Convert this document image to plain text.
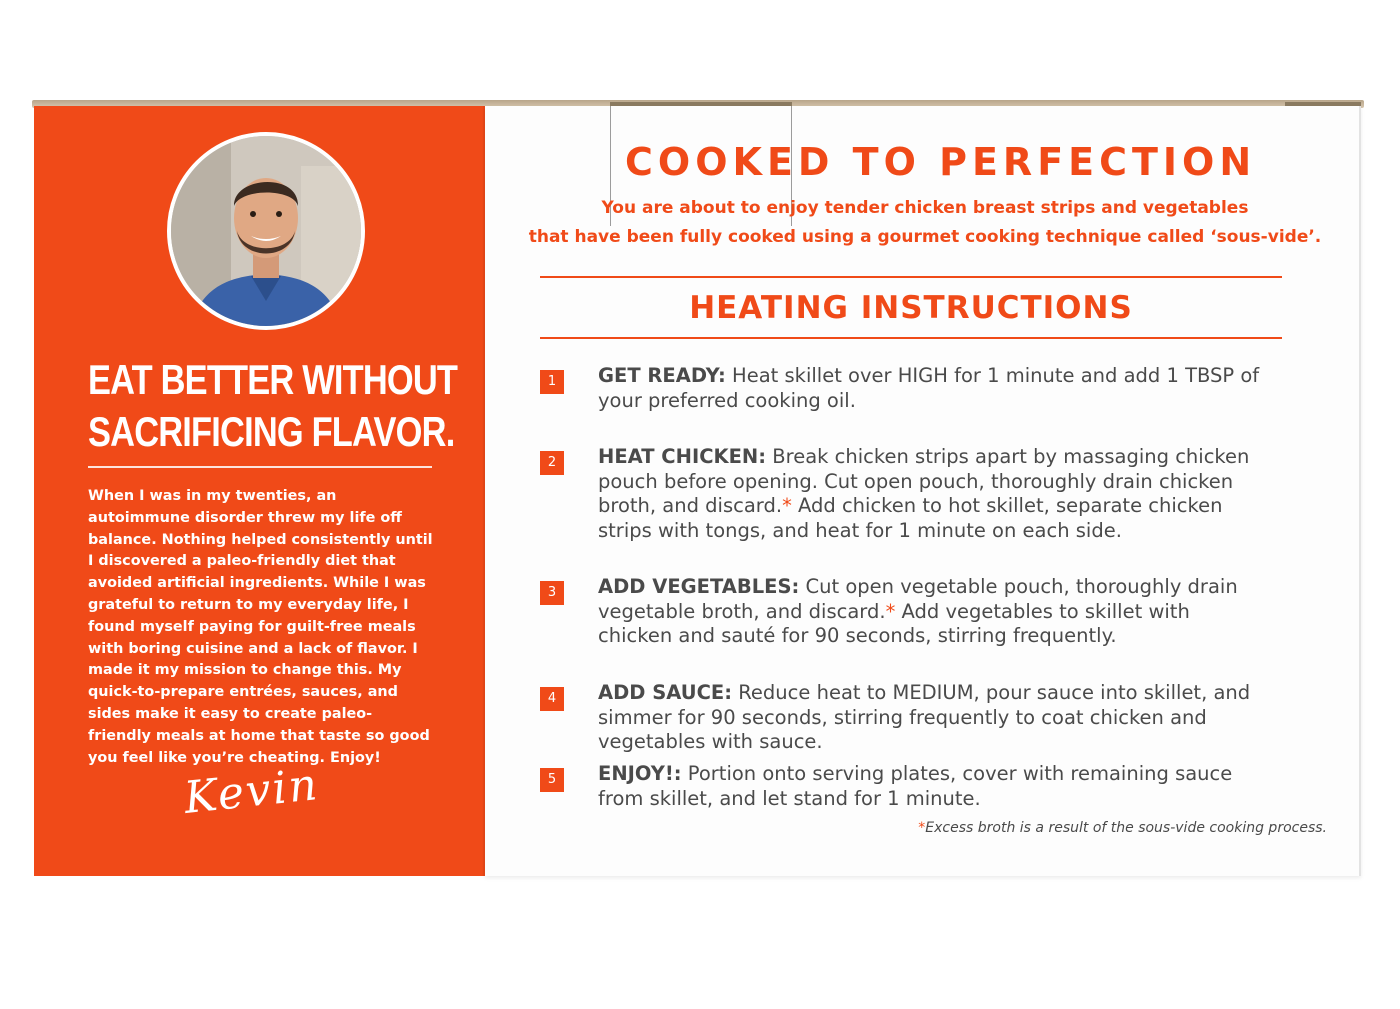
EAT BETTER WITHOUT
SACRIFICING FLAVOR.
When I was in my twenties, an autoimmune disorder threw my life off balance. Nothing helped consistently until I discovered a paleo-friendly diet that avoided artificial ingredients. While I was grateful to return to my everyday life, I found myself paying for guilt-free meals with boring cuisine and a lack of flavor. I made it my mission to change this. My quick-to-prepare entrées, sauces, and sides make it easy to create paleo-friendly meals at home that taste so good you feel like you’re cheating. Enjoy!
Kevin
COOKED TO PERFECTION
You are about to enjoy tender chicken breast strips and vegetables
that have been fully cooked using a gourmet cooking technique called ‘sous-vide’.
HEATING INSTRUCTIONS
1	GET READY: Heat skillet over HIGH for 1 minute and add 1 TBSP of your preferred cooking oil.
2	HEAT CHICKEN: Break chicken strips apart by massaging chicken pouch before opening. Cut open pouch, thoroughly drain chicken broth, and discard.* Add chicken to hot skillet, separate chicken strips with tongs, and heat for 1 minute on each side.
3	ADD VEGETABLES: Cut open vegetable pouch, thoroughly drain vegetable broth, and discard.* Add vegetables to skillet with chicken and sauté for 90 seconds, stirring frequently.
4	ADD SAUCE: Reduce heat to MEDIUM, pour sauce into skillet, and simmer for 90 seconds, stirring frequently to coat chicken and vegetables with sauce.
5	ENJOY!: Portion onto serving plates, cover with remaining sauce from skillet, and let stand for 1 minute.
*Excess broth is a result of the sous-vide cooking process.
